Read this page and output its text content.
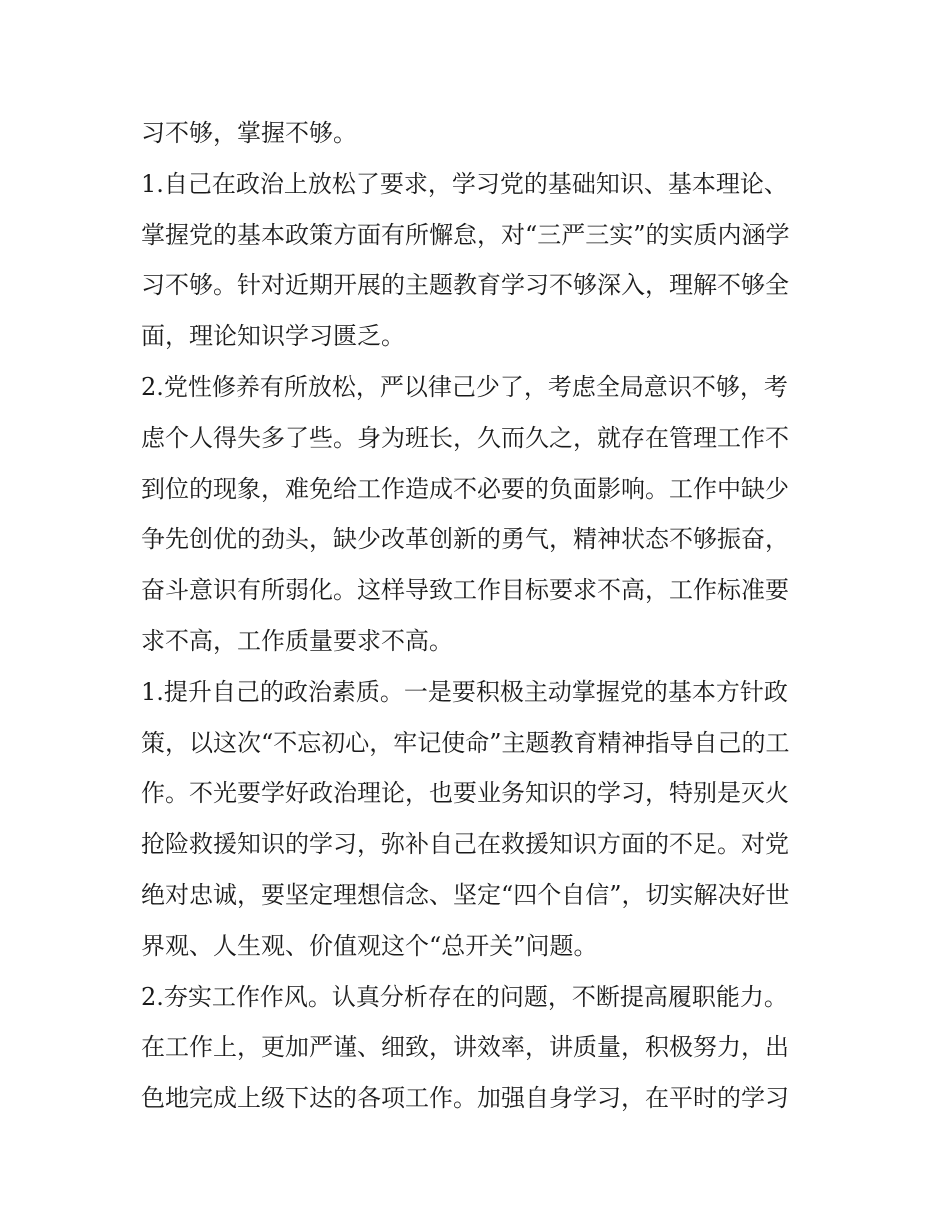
习不够，掌握不够。
1.自己在政治上放松了要求，学习党的基础知识、基本理论、
掌握党的基本政策方面有所懈怠，对“三严三实”的实质内涵学
习不够。针对近期开展的主题教育学习不够深入，理解不够全
面，理论知识学习匮乏。
2.党性修养有所放松，严以律己少了，考虑全局意识不够，考
虑个人得失多了些。身为班长，久而久之，就存在管理工作不
到位的现象，难免给工作造成不必要的负面影响。工作中缺少
争先创优的劲头，缺少改革创新的勇气，精神状态不够振奋，
奋斗意识有所弱化。这样导致工作目标要求不高，工作标准要
求不高，工作质量要求不高。
1.提升自己的政治素质。一是要积极主动掌握党的基本方针政
策，以这次“不忘初心，牢记使命”主题教育精神指导自己的工
作。不光要学好政治理论，也要业务知识的学习，特别是灭火
抢险救援知识的学习，弥补自己在救援知识方面的不足。对党
绝对忠诚，要坚定理想信念、坚定“四个自信”，切实解决好世
界观、人生观、价值观这个“总开关”问题。
2.夯实工作作风。认真分析存在的问题，不断提高履职能力。
在工作上，更加严谨、细致，讲效率，讲质量，积极努力，出
色地完成上级下达的各项工作。加强自身学习，在平时的学习
